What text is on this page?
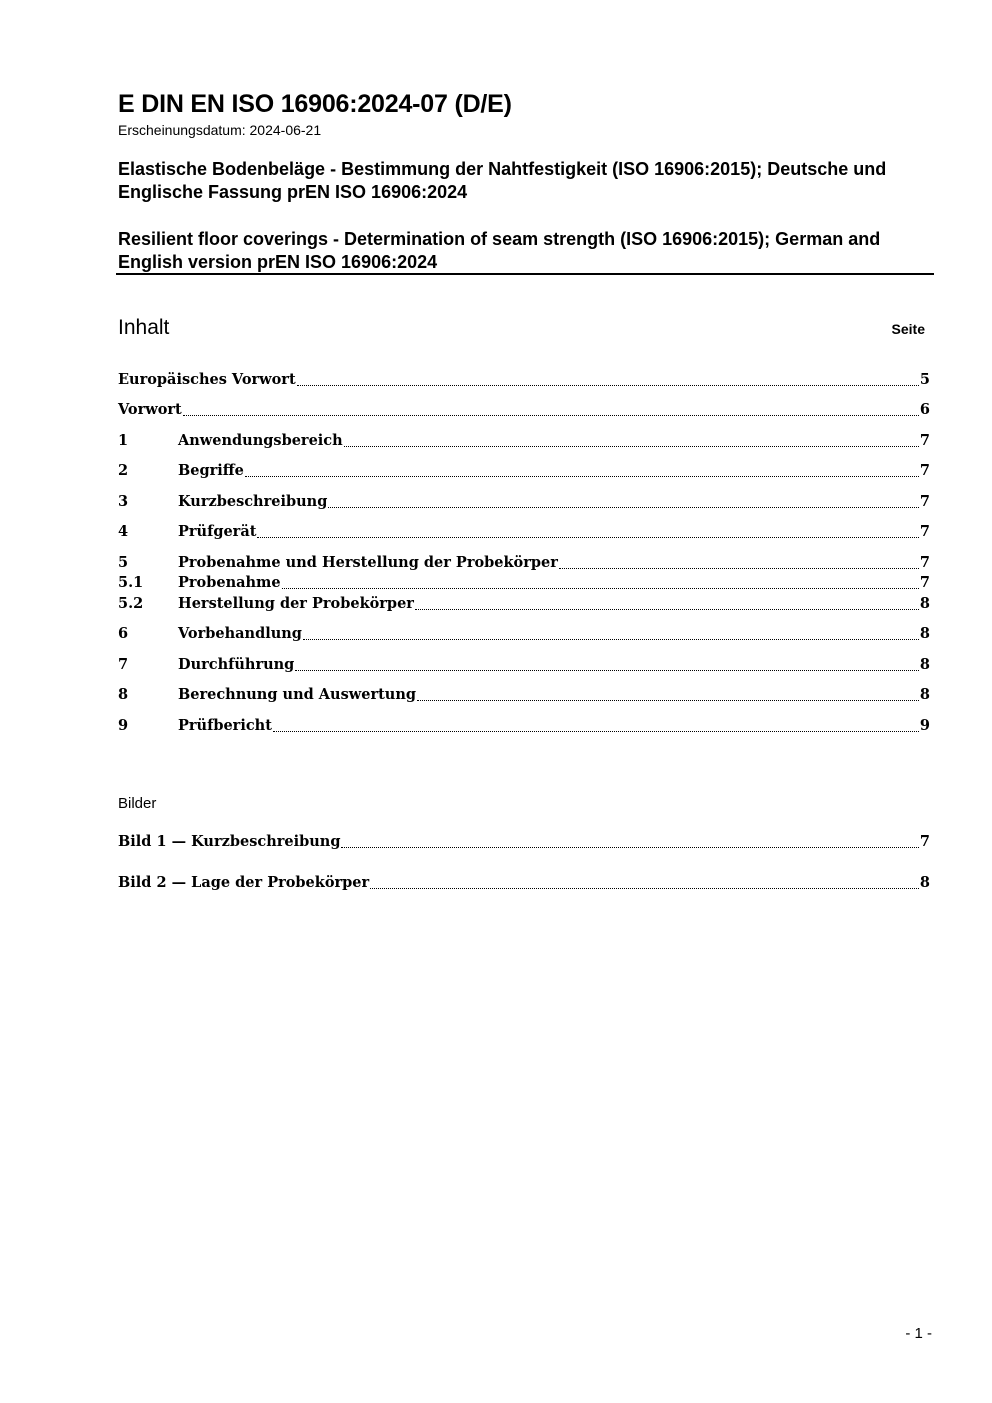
E DIN EN ISO 16906:2024-07 (D/E)
Erscheinungsdatum: 2024-06-21
Elastische Bodenbeläge - Bestimmung der Nahtfestigkeit (ISO 16906:2015); Deutsche und Englische Fassung prEN ISO 16906:2024
Resilient floor coverings - Determination of seam strength (ISO 16906:2015); German and English version prEN ISO 16906:2024
Inhalt	Seite
Europäisches Vorwort	5
Vorwort	6
1	Anwendungsbereich	7
2	Begriffe	7
3	Kurzbeschreibung	7
4	Prüfgerät	7
5	Probenahme und Herstellung der Probekörper	7
5.1	Probenahme	7
5.2	Herstellung der Probekörper	8
6	Vorbehandlung	8
7	Durchführung	8
8	Berechnung und Auswertung	8
9	Prüfbericht	9
Bilder
Bild 1 — Kurzbeschreibung	7
Bild 2 — Lage der Probekörper	8
- 1 -
